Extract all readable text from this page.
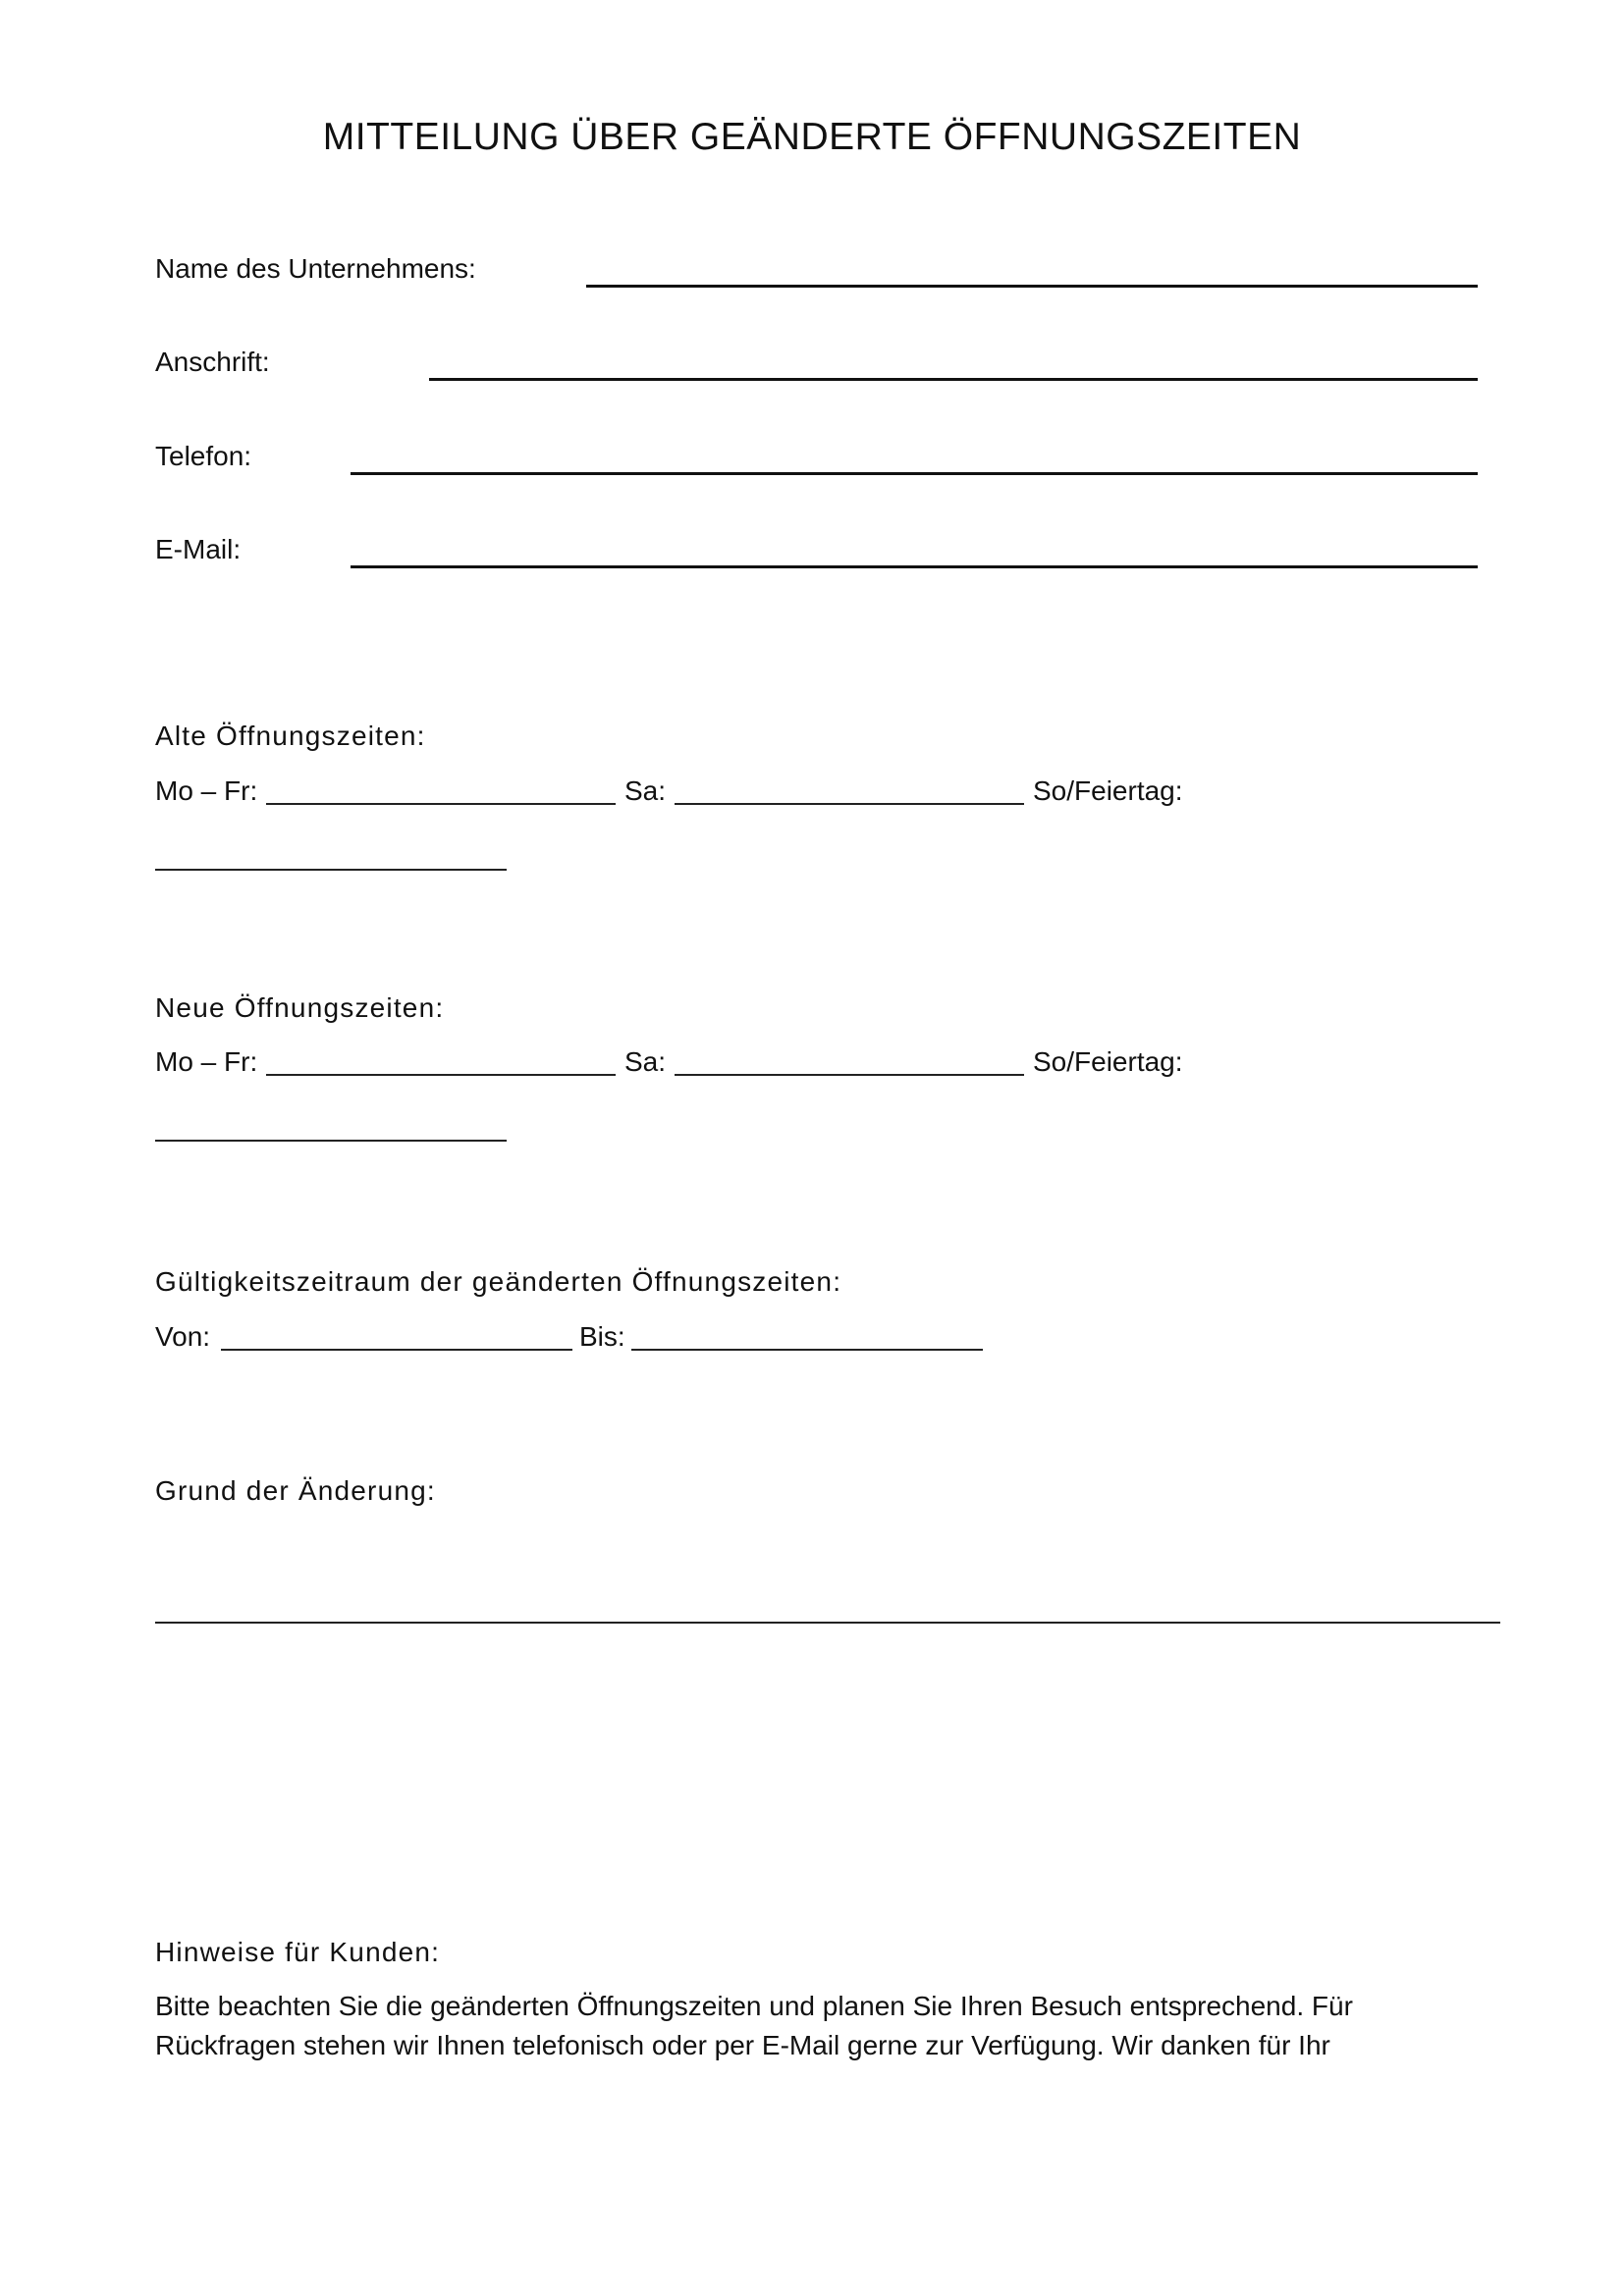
MITTEILUNG ÜBER GEÄNDERTE ÖFFNUNGSZEITEN
Name des Unternehmens:
Anschrift:
Telefon:
E-Mail:
Alte Öffnungszeiten:
Mo – Fr:	Sa:	So/Feiertag:
Neue Öffnungszeiten:
Mo – Fr:	Sa:	So/Feiertag:
Gültigkeitszeitraum der geänderten Öffnungszeiten:
Von:	Bis:
Grund der Änderung:
Hinweise für Kunden:
Bitte beachten Sie die geänderten Öffnungszeiten und planen Sie Ihren Besuch entsprechend. Für
Rückfragen stehen wir Ihnen telefonisch oder per E-Mail gerne zur Verfügung. Wir danken für Ihr
